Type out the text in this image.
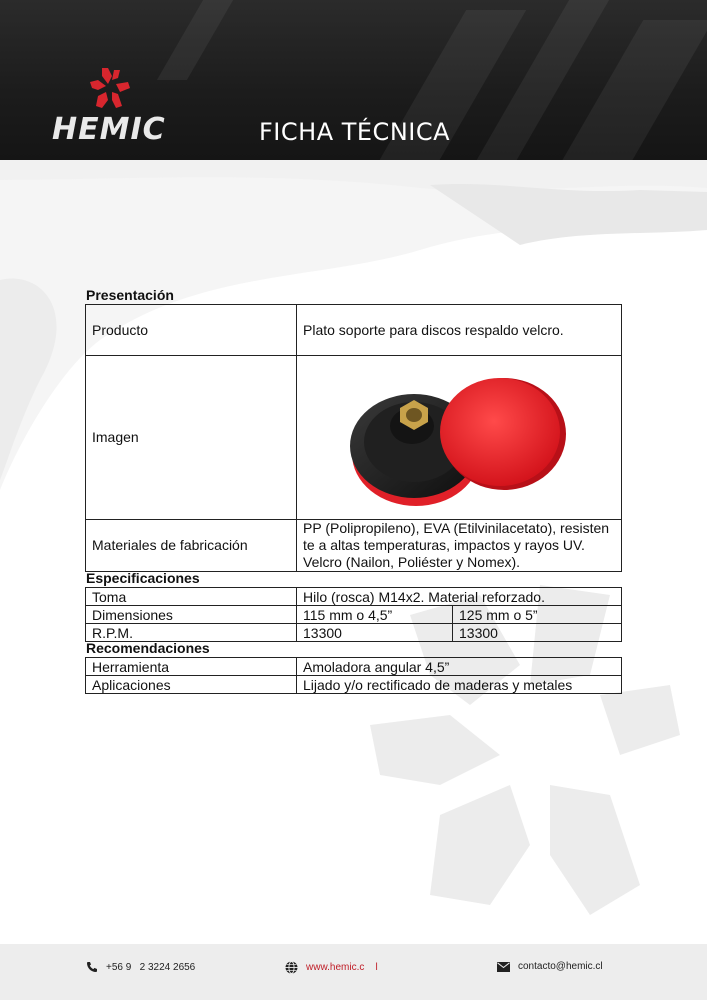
HEMIC	FICHA TÉCNICA
Presentación
Producto	Plato soporte para discos respaldo velcro.
Imagen	

Materiales de fabricación	PP (Polipropileno), EVA (Etilvinilacetato), resisten te a altas temperaturas, impactos y rayos UV. Velcro (Nailon, Poliéster y Nomex).
Especificaciones
Toma	Hilo (rosca) M14x2. Material reforzado.	
Dimensiones	115 mm o 4,5”	125 mm o 5”
R.P.M.	13300	13300
Recomendaciones
Herramienta	Amoladora angular 4,5”
Aplicaciones	Lijado y/o rectificado de maderas y metales
+56 9   2 3224 2656	www.hemic.c    l	contacto@hemic.cl
